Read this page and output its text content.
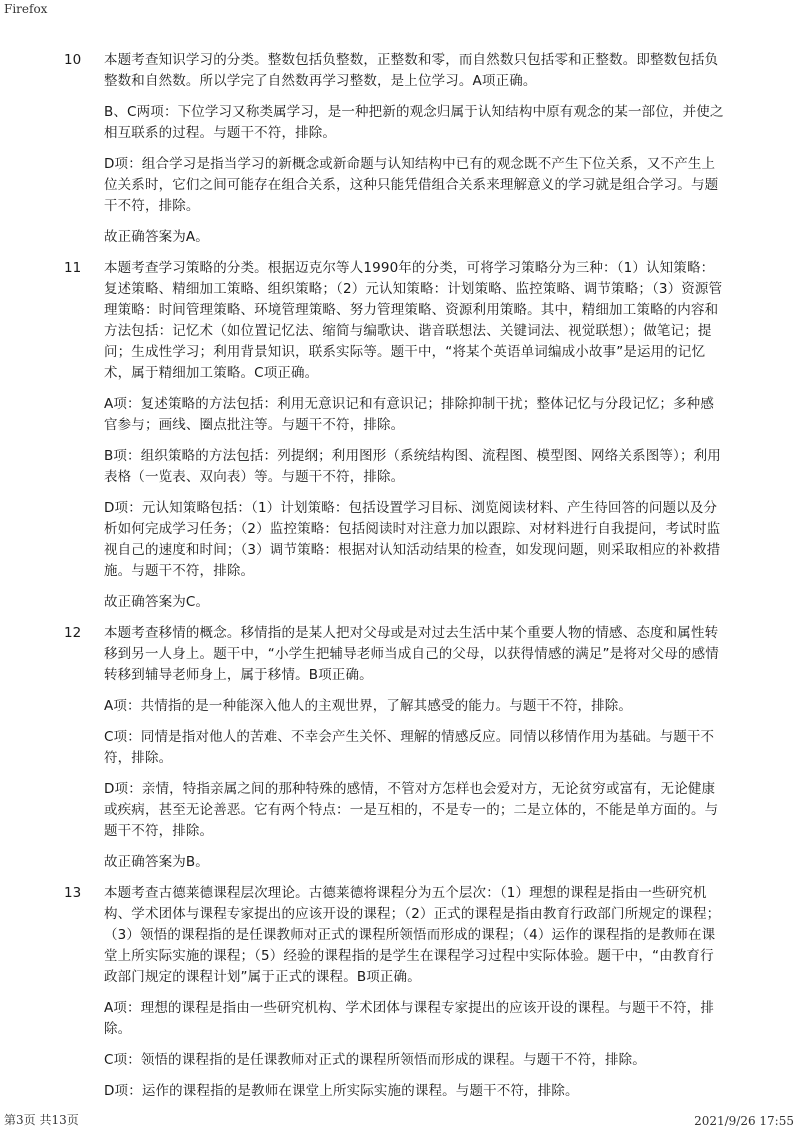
Firefox
10	本题考查知识学习的分类。整数包括负整数，正整数和零，而自然数只包括零和正整数。即整数包括负整数和自然数。所以学完了自然数再学习整数，是上位学习。A项正确。

B、C两项：下位学习又称类属学习，是一种把新的观念归属于认知结构中原有观念的某一部位，并使之相互联系的过程。与题干不符，排除。

D项：组合学习是指当学习的新概念或新命题与认知结构中已有的观念既不产生下位关系，又不产生上位关系时，它们之间可能存在组合关系，这种只能凭借组合关系来理解意义的学习就是组合学习。与题干不符，排除。

故正确答案为A。

11	本题考查学习策略的分类。根据迈克尔等人1990年的分类，可将学习策略分为三种：（1）认知策略：复述策略、精细加工策略、组织策略；（2）元认知策略：计划策略、监控策略、调节策略；（3）资源管理策略：时间管理策略、环境管理策略、努力管理策略、资源利用策略。其中，精细加工策略的内容和方法包括：记忆术（如位置记忆法、缩简与编歌诀、谐音联想法、关键词法、视觉联想）；做笔记；提问；生成性学习；利用背景知识，联系实际等。题干中，“将某个英语单词编成小故事”是运用的记忆术，属于精细加工策略。C项正确。

A项：复述策略的方法包括：利用无意识记和有意识记；排除抑制干扰；整体记忆与分段记忆；多种感官参与；画线、圈点批注等。与题干不符，排除。

B项：组织策略的方法包括：列提纲；利用图形（系统结构图、流程图、模型图、网络关系图等）；利用表格（一览表、双向表）等。与题干不符，排除。

D项：元认知策略包括：（1）计划策略：包括设置学习目标、浏览阅读材料、产生待回答的问题以及分析如何完成学习任务；（2）监控策略：包括阅读时对注意力加以跟踪、对材料进行自我提问，考试时监视自己的速度和时间；（3）调节策略：根据对认知活动结果的检查，如发现问题，则采取相应的补救措施。与题干不符，排除。

故正确答案为C。

12	本题考查移情的概念。移情指的是某人把对父母或是对过去生活中某个重要人物的情感、态度和属性转移到另一人身上。题干中，“小学生把辅导老师当成自己的父母，以获得情感的满足”是将对父母的感情转移到辅导老师身上，属于移情。B项正确。

A项：共情指的是一种能深入他人的主观世界，了解其感受的能力。与题干不符，排除。

C项：同情是指对他人的苦难、不幸会产生关怀、理解的情感反应。同情以移情作用为基础。与题干不符，排除。

D项：亲情，特指亲属之间的那种特殊的感情，不管对方怎样也会爱对方，无论贫穷或富有，无论健康或疾病，甚至无论善恶。它有两个特点：一是互相的，不是专一的；二是立体的，不能是单方面的。与题干不符，排除。

故正确答案为B。

13	本题考查古德莱德课程层次理论。古德莱德将课程分为五个层次：（1）理想的课程是指由一些研究机构、学术团体与课程专家提出的应该开设的课程；（2）正式的课程是指由教育行政部门所规定的课程；（3）领悟的课程指的是任课教师对正式的课程所领悟而形成的课程；（4）运作的课程指的是教师在课堂上所实际实施的课程；（5）经验的课程指的是学生在课程学习过程中实际体验。题干中，“由教育行政部门规定的课程计划”属于正式的课程。B项正确。

A项：理想的课程是指由一些研究机构、学术团体与课程专家提出的应该开设的课程。与题干不符，排除。

C项：领悟的课程指的是任课教师对正式的课程所领悟而形成的课程。与题干不符，排除。

D项：运作的课程指的是教师在课堂上所实际实施的课程。与题干不符，排除。

第3页 共13页	2021/9/26 17:55
